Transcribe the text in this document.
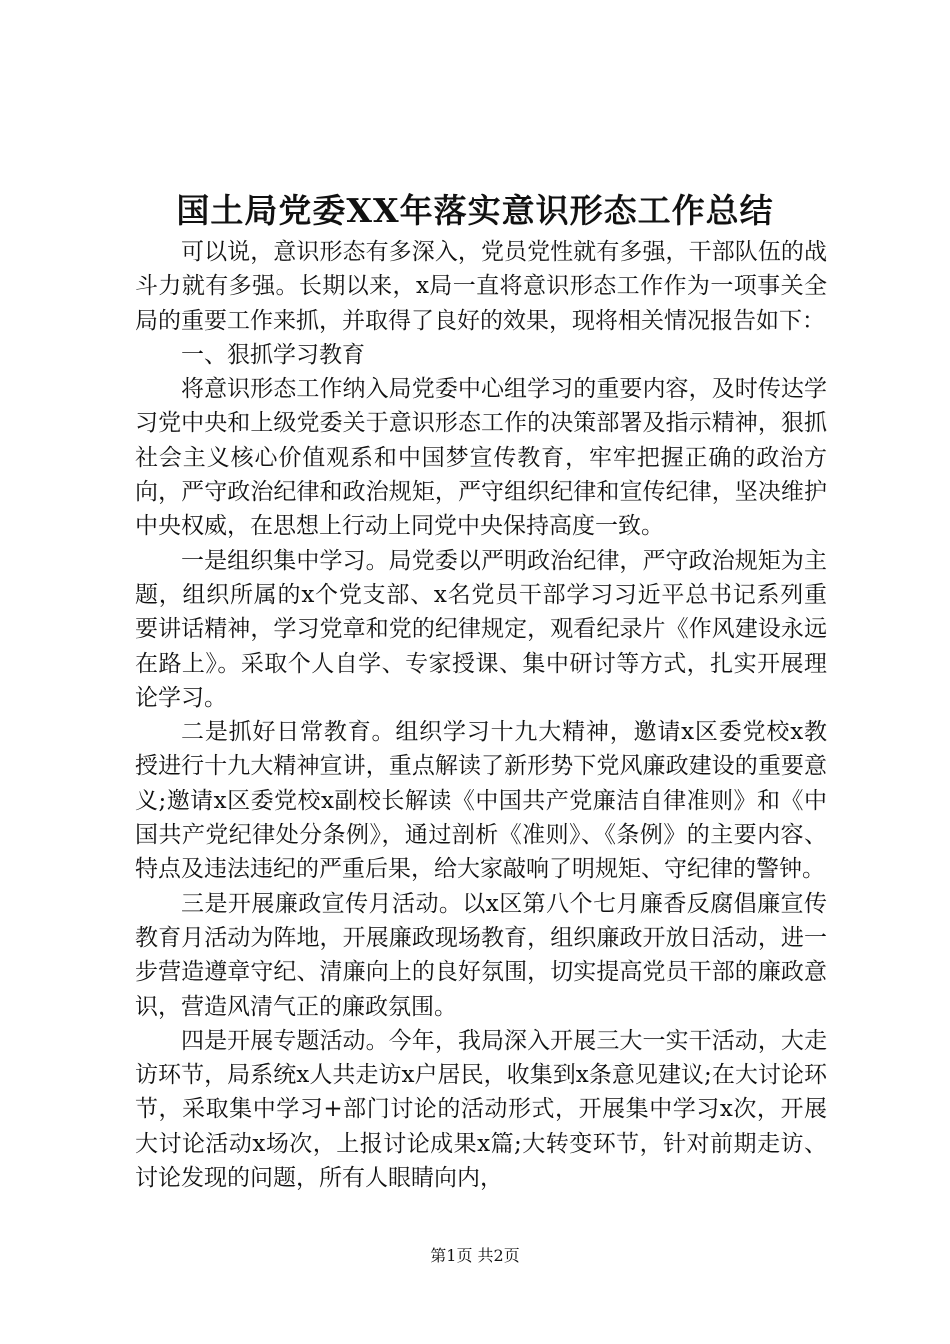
国土局党委XX年落实意识形态工作总结

可以说，意识形态有多深入，党员党性就有多强，干部队伍的战斗力就有多强。长期以来，x局一直将意识形态工作作为一项事关全局的重要工作来抓，并取得了良好的效果，现将相关情况报告如下：

一、狠抓学习教育

将意识形态工作纳入局党委中心组学习的重要内容，及时传达学习党中央和上级党委关于意识形态工作的决策部署及指示精神，狠抓社会主义核心价值观系和中国梦宣传教育，牢牢把握正确的政治方向，严守政治纪律和政治规矩，严守组织纪律和宣传纪律，坚决维护中央权威，在思想上行动上同党中央保持高度一致。

一是组织集中学习。局党委以严明政治纪律，严守政治规矩为主题，组织所属的x个党支部、x名党员干部学习习近平总书记系列重要讲话精神，学习党章和党的纪律规定，观看纪录片《作风建设永远在路上》。采取个人自学、专家授课、集中研讨等方式，扎实开展理论学习。

二是抓好日常教育。组织学习十九大精神，邀请x区委党校x教授进行十九大精神宣讲，重点解读了新形势下党风廉政建设的重要意义;邀请x区委党校x副校长解读《中国共产党廉洁自律准则》和《中国共产党纪律处分条例》，通过剖析《准则》、《条例》的主要内容、特点及违法违纪的严重后果，给大家敲响了明规矩、守纪律的警钟。

三是开展廉政宣传月活动。以x区第八个七月廉香反腐倡廉宣传教育月活动为阵地，开展廉政现场教育，组织廉政开放日活动，进一步营造遵章守纪、清廉向上的良好氛围，切实提高党员干部的廉政意识，营造风清气正的廉政氛围。

四是开展专题活动。今年，我局深入开展三大一实干活动，大走访环节，局系统x人共走访x户居民，收集到x条意见建议;在大讨论环节，采取集中学习+部门讨论的活动形式，开展集中学习x次，开展大讨论活动x场次，上报讨论成果x篇;大转变环节，针对前期走访、讨论发现的问题，所有人眼睛向内，

第1页 共2页
